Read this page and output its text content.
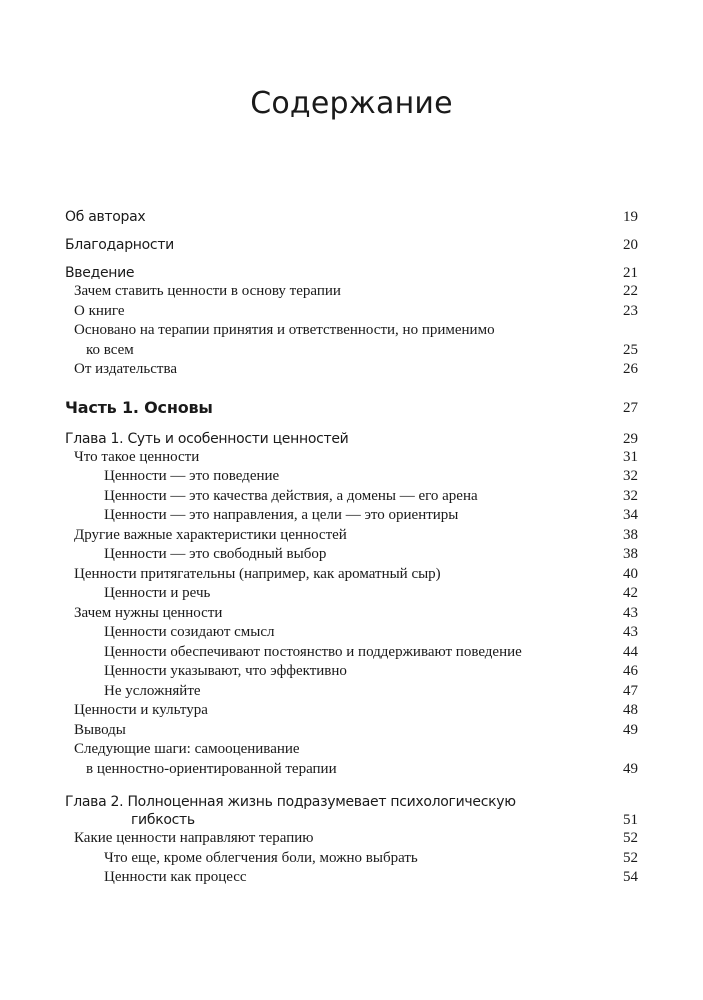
Содержание
Об авторах	19
Благодарности	20
Введение	21
Зачем ставить ценности в основу терапии	22
О книге	23
Основано на терапии принятия и ответственности, но применимо
ко всем	25
От издательства	26
Часть 1. Основы	27
Глава 1. Суть и особенности ценностей	29
Что такое ценности	31
Ценности — это поведение	32
Ценности — это качества действия, а домены — его арена	32
Ценности — это направления, а цели — это ориентиры	34
Другие важные характеристики ценностей	38
Ценности — это свободный выбор	38
Ценности притягательны (например, как ароматный сыр)	40
Ценности и речь	42
Зачем нужны ценности	43
Ценности созидают смысл	43
Ценности обеспечивают постоянство и поддерживают поведение	44
Ценности указывают, что эффективно	46
Не усложняйте	47
Ценности и культура	48
Выводы	49
Следующие шаги: самооценивание
в ценностно-ориентированной терапии	49
Глава 2. Полноценная жизнь подразумевает психологическую
гибкость	51
Какие ценности направляют терапию	52
Что еще, кроме облегчения боли, можно выбрать	52
Ценности как процесс	54
